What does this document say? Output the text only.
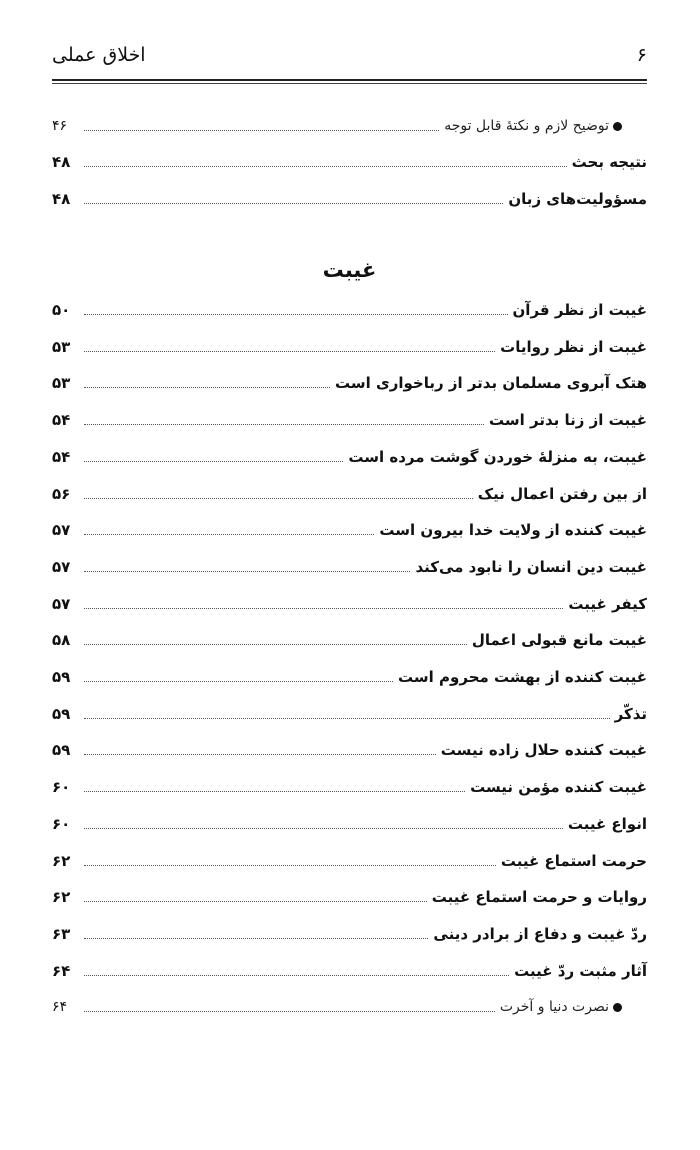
اخلاق عملی	۶
توضیح لازم و نکتهٔ قابل توجه
۴۶
نتیجه بحث
۴۸
مسؤولیت‌های زبان
۴۸
غیبت
غیبت از نظر قرآن
۵۰
غیبت از نظر روایات
۵۳
هتک آبروی مسلمان بدتر از رباخواری است
۵۳
غیبت از زنا بدتر است
۵۴
غیبت، به منزلهٔ خوردن گوشت مرده است
۵۴
از بین رفتن اعمال نیک
۵۶
غیبت کننده از ولایت خدا بیرون است
۵۷
غیبت دین انسان را نابود می‌کند
۵۷
کیفر غیبت
۵۷
غیبت مانع قبولی اعمال
۵۸
غیبت کننده از بهشت محروم است
۵۹
تذکّر
۵۹
غیبت کننده حلال زاده نیست
۵۹
غیبت کننده مؤمن نیست
۶۰
انواع غیبت
۶۰
حرمت استماع غیبت
۶۲
روایات و حرمت استماع غیبت
۶۲
ردّ غیبت و دفاع از برادر دینی
۶۳
آثار مثبت ردّ غیبت
۶۴
نصرت دنیا و آخرت
۶۴
